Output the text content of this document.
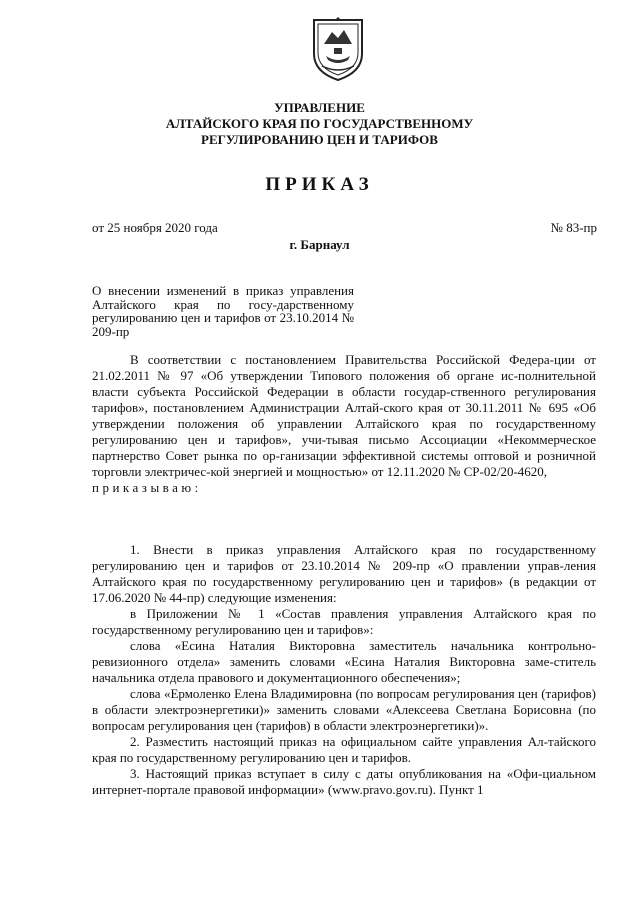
УПРАВЛЕНИЕ
АЛТАЙСКОГО КРАЯ ПО ГОСУДАРСТВЕННОМУ
РЕГУЛИРОВАНИЮ ЦЕН И ТАРИФОВ
ПРИКАЗ
от 25 ноября 2020 года	№ 83-пр
г. Барнаул
О внесении изменений в приказ управления Алтайского края по госу-дарственному регулированию цен и тарифов от 23.10.2014 № 209-пр

В соответствии с постановлением Правительства Российской Федера-ции от 21.02.2011 № 97 «Об утверждении Типового положения об органе ис-полнительной власти субъекта Российской Федерации в области государ-ственного регулирования тарифов», постановлением Администрации Алтай-ского края от 30.11.2011 № 695 «Об утверждении положения об управлении Алтайского края по государственному регулированию цен и тарифов», учи-тывая письмо Ассоциации «Некоммерческое партнерство Совет рынка по ор-ганизации эффективной системы оптовой и розничной торговли электричес-кой энергией и мощностью» от 12.11.2020 № СР-02/20-4620,

приказываю:

1. Внести в приказ управления Алтайского края по государственному регулированию цен и тарифов от 23.10.2014 № 209-пр «О правлении управ-ления Алтайского края по государственному регулированию цен и тарифов» (в редакции от 17.06.2020 № 44-пр) следующие изменения:

в Приложении № 1 «Состав правления управления Алтайского края по государственному регулированию цен и тарифов»:

слова «Есина Наталия Викторовна заместитель начальника контрольно-ревизионного отдела» заменить словами «Есина Наталия Викторовна заме-ститель начальника отдела правового и документационного обеспечения»;

слова «Ермоленко Елена Владимировна (по вопросам регулирования цен (тарифов) в области электроэнергетики)» заменить словами «Алексеева Светлана Борисовна (по вопросам регулирования цен (тарифов) в области электроэнергетики)».

2. Разместить настоящий приказ на официальном сайте управления Ал-тайского края по государственному регулированию цен и тарифов.

3. Настоящий приказ вступает в силу с даты опубликования на «Офи-циальном интернет-портале правовой информации» (www.pravo.gov.ru). Пункт 1
